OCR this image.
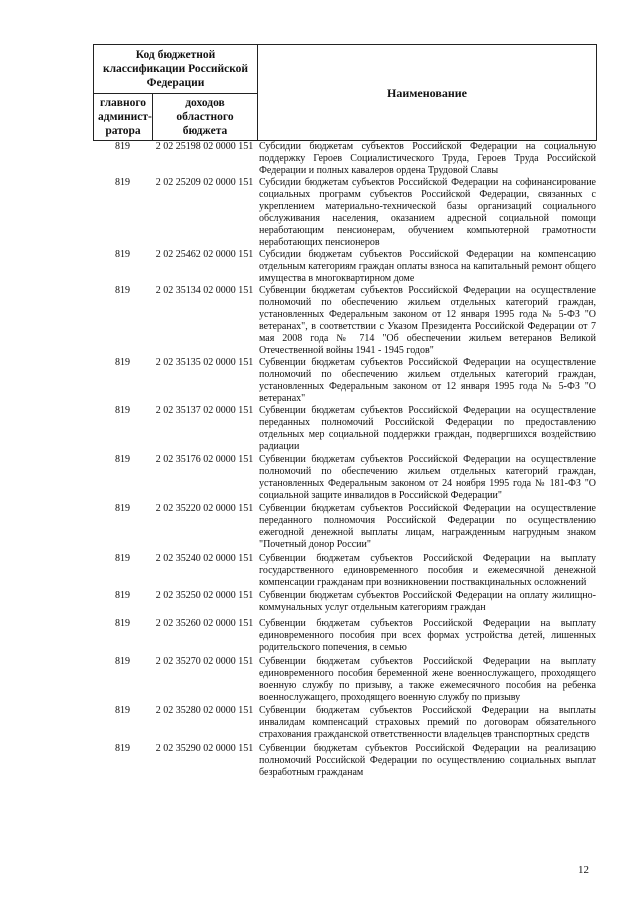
Код бюджетной классификации Российской Федерации		Наименование
главного админист-ратора	доходов областного бюджета	
819	2 02 25198 02 0000 151 Субсидии бюджетам субъектов Российской Федерации на социальную поддержку Героев Социалистического Труда, Героев Труда Российской Федерации и полных кавалеров ордена Трудовой Славы
819	2 02 25209 02 0000 151 Субсидии бюджетам субъектов Российской Федерации на софинансирование социальных программ субъектов Российской Федерации, связанных с укреплением материально-технической базы организаций социального обслуживания населения, оказанием адресной социальной помощи неработающим пенсионерам, обучением компьютерной грамотности неработающих пенсионеров
819	2 02 25462 02 0000 151 Субсидии бюджетам субъектов Российской Федерации на компенсацию отдельным категориям граждан оплаты взноса на капитальный ремонт общего имущества в многоквартирном доме
819	2 02 35134 02 0000 151 Субвенции бюджетам субъектов Российской Федерации на осуществление полномочий по обеспечению жильем отдельных категорий граждан, установленных Федеральным законом от 12 января 1995 года № 5-ФЗ "О ветеранах", в соответствии с Указом Президента Российской Федерации от 7 мая 2008 года № 714 "Об обеспечении жильем ветеранов Великой Отечественной войны 1941 - 1945 годов"
819	2 02 35135 02 0000 151 Субвенции бюджетам субъектов Российской Федерации на осуществление полномочий по обеспечению жильем отдельных категорий граждан, установленных Федеральным законом от 12 января 1995 года № 5-ФЗ "О ветеранах"
819	2 02 35137 02 0000 151 Субвенции бюджетам субъектов Российской Федерации на осуществление переданных полномочий Российской Федерации по предоставлению отдельных мер социальной поддержки граждан, подвергшихся воздействию радиации
819	2 02 35176 02 0000 151 Субвенции бюджетам субъектов Российской Федерации на осуществление полномочий по обеспечению жильем отдельных категорий граждан, установленных Федеральным законом от 24 ноября 1995 года № 181-ФЗ "О социальной защите инвалидов в Российской Федерации"
819	2 02 35220 02 0000 151 Субвенции бюджетам субъектов Российской Федерации на осуществление переданного полномочия Российской Федерации по осуществлению ежегодной денежной выплаты лицам, награжденным нагрудным знаком "Почетный донор России"
819	2 02 35240 02 0000 151 Субвенции бюджетам субъектов Российской Федерации на выплату государственного единовременного пособия и ежемесячной денежной компенсации гражданам при возникновении поствакцинальных осложнений
819	2 02 35250 02 0000 151 Субвенции бюджетам субъектов Российской Федерации на оплату жилищно-коммунальных услуг отдельным категориям граждан
819	2 02 35260 02 0000 151 Субвенции бюджетам субъектов Российской Федерации на выплату единовременного пособия при всех формах устройства детей, лишенных родительского попечения, в семью
819	2 02 35270 02 0000 151 Субвенции бюджетам субъектов Российской Федерации на выплату единовременного пособия беременной жене военнослужащего, проходящего военную службу по призыву, а также ежемесячного пособия на ребенка военнослужащего, проходящего военную службу по призыву
819	2 02 35280 02 0000 151 Субвенции бюджетам субъектов Российской Федерации на выплаты инвалидам компенсаций страховых премий по договорам обязательного страхования гражданской ответственности владельцев транспортных средств
819	2 02 35290 02 0000 151 Субвенции бюджетам субъектов Российской Федерации на реализацию полномочий Российской Федерации по осуществлению социальных выплат безработным гражданам
12
